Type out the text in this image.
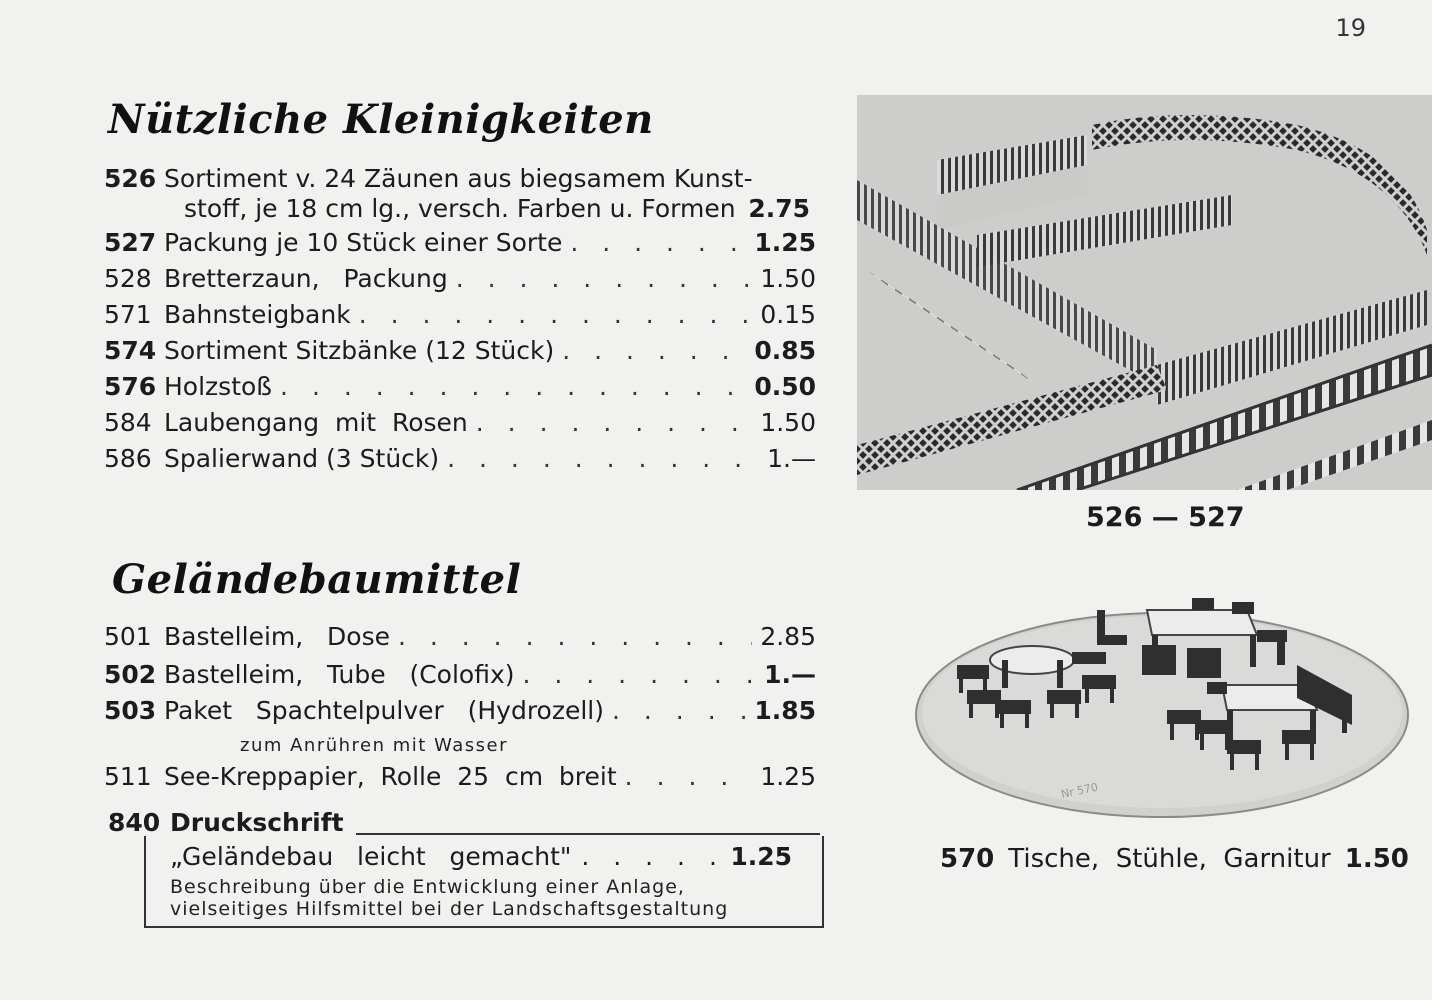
19
Nützliche Kleinigkeiten
526 Sortiment v. 24 Zäunen aus biegsamem Kunst-
stoff, je 18 cm lg., versch. Farben u. Formen 2.75
527 Packung je 10 Stück einer Sorte . . .	1.25
528 Bretterzaun,   Packung . . .	1.50
571 Bahnsteigbank . . .	0.15
574 Sortiment Sitzbänke (12 Stück) . . .	0.85
576 Holzstoß . . .	0.50
584 Laubengang  mit  Rosen . . .	1.50
586 Spalierwand (3 Stück) . . .	1.—
Geländebaumittel
501 Bastelleim,   Dose . . .	2.85
502 Bastelleim,   Tube   (Colofix) . . .	1.—
503 Paket   Spachtelpulver   (Hydrozell) . . .	1.85
zum Anrühren mit Wasser
511 See-Kreppapier,  Rolle  25  cm  breit . . .	1.25
840 Druckschrift
„Geländebau   leicht   gemacht" . . .	1.25
Beschreibung über die Entwicklung einer Anlage,
vielseitiges Hilfsmittel bei der Landschaftsgestaltung
526 — 527
Nr 570
570 Tische,  Stühle,  Garnitur 1.50
